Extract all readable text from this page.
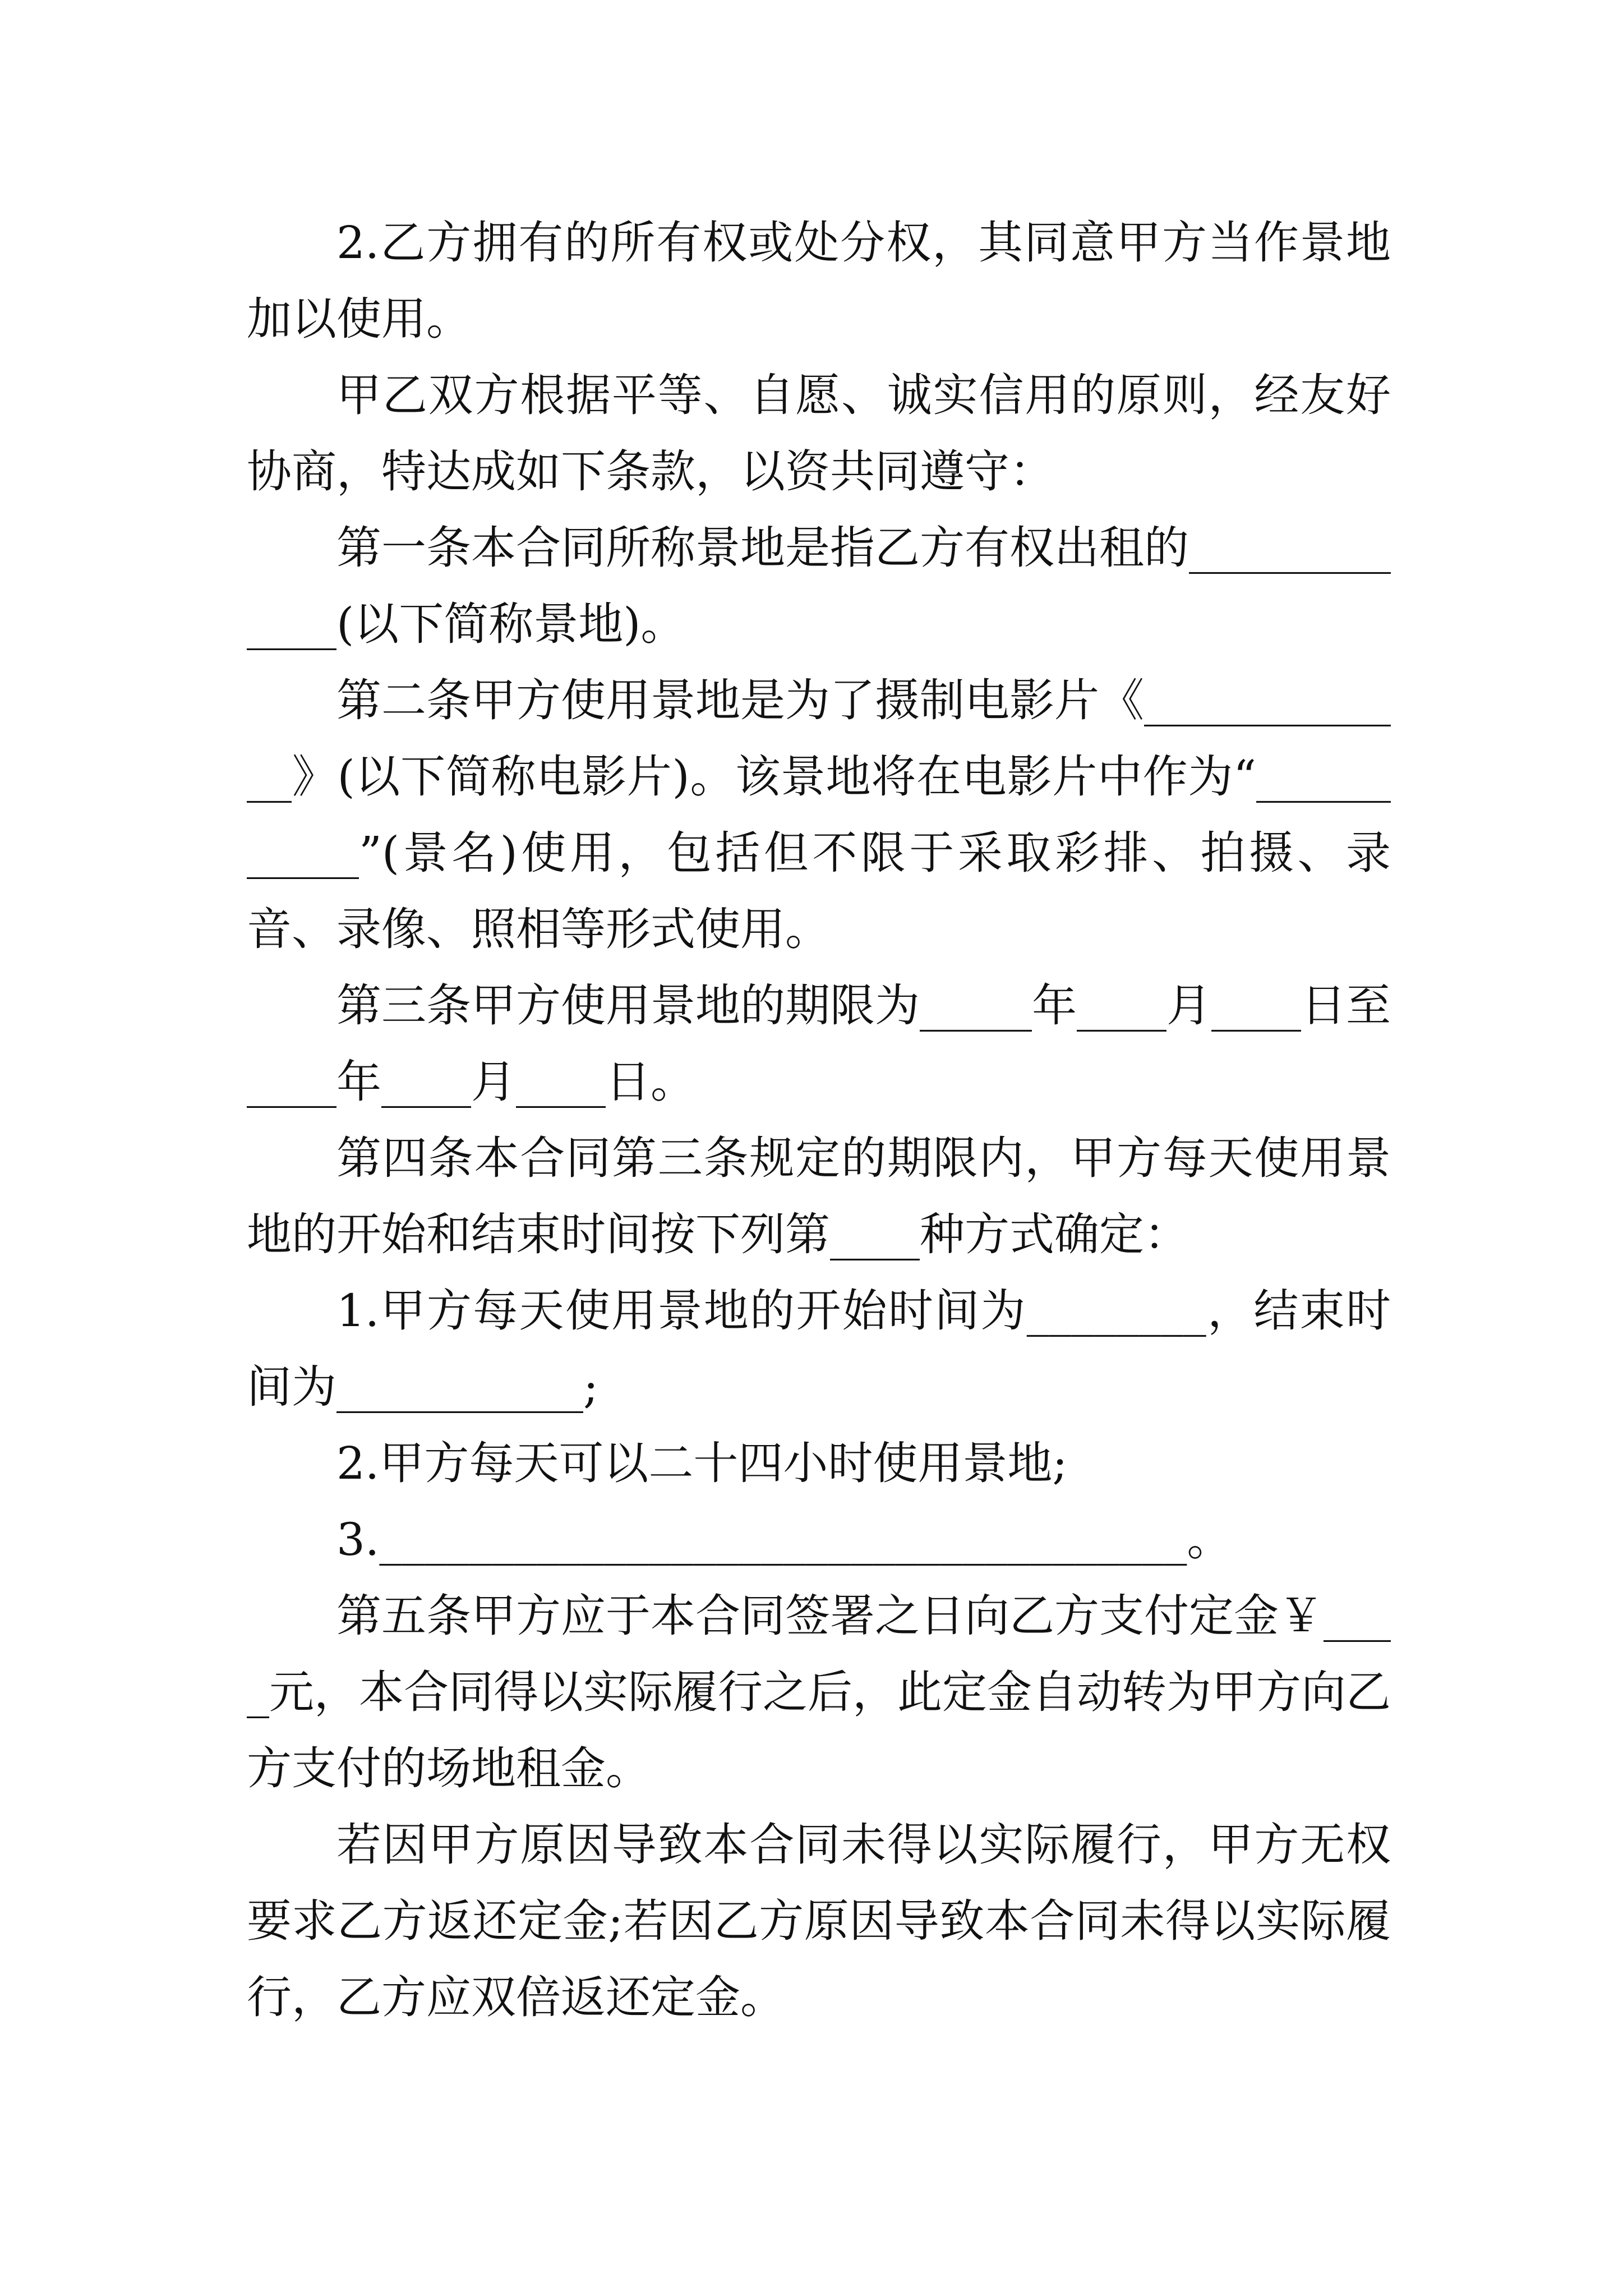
2.乙方拥有的所有权或处分权，其同意甲方当作景地加以使用。

甲乙双方根据平等、自愿、诚实信用的原则，经友好协商，特达成如下条款，以资共同遵守：

第一条本合同所称景地是指乙方有权出租的_____________(以下简称景地)。

第二条甲方使用景地是为了摄制电影片《_____________》(以下简称电影片)。该景地将在电影片中作为“___________”(景名)使用，包括但不限于采取彩排、拍摄、录音、录像、照相等形式使用。

第三条甲方使用景地的期限为_____年____月____日至____年____月____日。

第四条本合同第三条规定的期限内，甲方每天使用景地的开始和结束时间按下列第____种方式确定：

1.甲方每天使用景地的开始时间为________，结束时间为___________;

2.甲方每天可以二十四小时使用景地;

3.____________________________________。

第五条甲方应于本合同签署之日向乙方支付定金￥____元，本合同得以实际履行之后，此定金自动转为甲方向乙方支付的场地租金。

若因甲方原因导致本合同未得以实际履行，甲方无权要求乙方返还定金;若因乙方原因导致本合同未得以实际履行，乙方应双倍返还定金。
